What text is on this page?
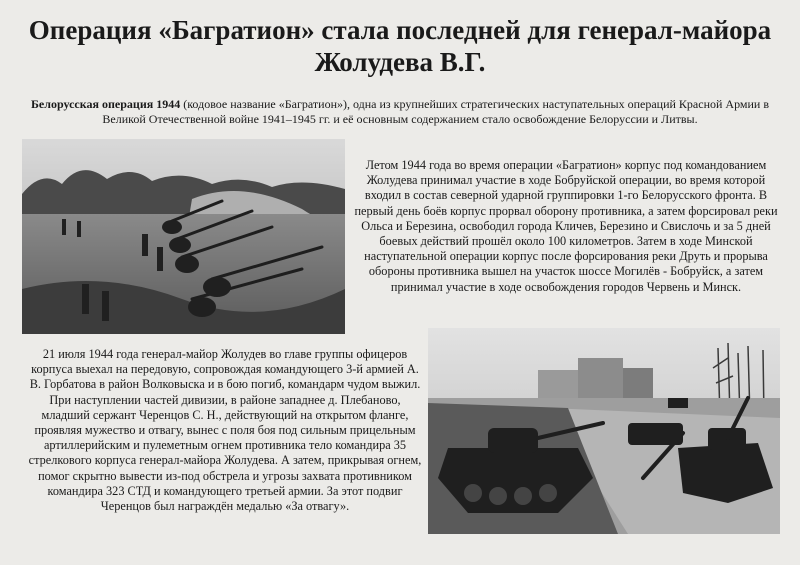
Операция «Багратион» стала последней для генерал-майора Жолудева В.Г.

Белорусская операция 1944 (кодовое название «Багратион»), одна из крупнейших стратегических наступательных операций Красной Армии в Великой Отечественной войне 1941–1945 гг. и её основным содержанием стало освобождение Белоруссии и Литвы.

Летом 1944 года во время операции «Багратион» корпус под командованием Жолудева принимал участие в ходе Бобруйской операции, во время которой входил в состав северной ударной группировки 1-го Белорусского фронта. В первый день боёв корпус прорвал оборону противника, а затем форсировал реки Ольса и Березина, освободил города Кличев, Березино и Свислочь и за 5 дней боевых действий прошёл около 100 километров. Затем в ходе Минской наступательной операции корпус после форсирования реки Друть и прорыва обороны противника вышел на участок шоссе Могилёв - Бобруйск, а затем принимал участие в ходе освобождения городов Червень и Минск.

21 июля 1944 года генерал-майор Жолудев во главе группы офицеров корпуса выехал на передовую, сопровождая командующего 3-й армией А. В. Горбатова в район Волковыска и в бою погиб, командарм чудом выжил. При наступлении частей дивизии, в районе западнее д. Плебаново, младший сержант Черенцов С. Н., действующий на открытом фланге, проявляя мужество и отвагу, вынес с поля боя под сильным прицельным артиллерийским и пулеметным огнем противника тело командира 35 стрелкового корпуса генерал-майора Жолудева. А затем, прикрывая огнем, помог скрытно вывести из-под обстрела и угрозы захвата противником командира 323 СТД и командующего третьей армии. За этот подвиг Черенцов был награждён медалью «За отвагу».
